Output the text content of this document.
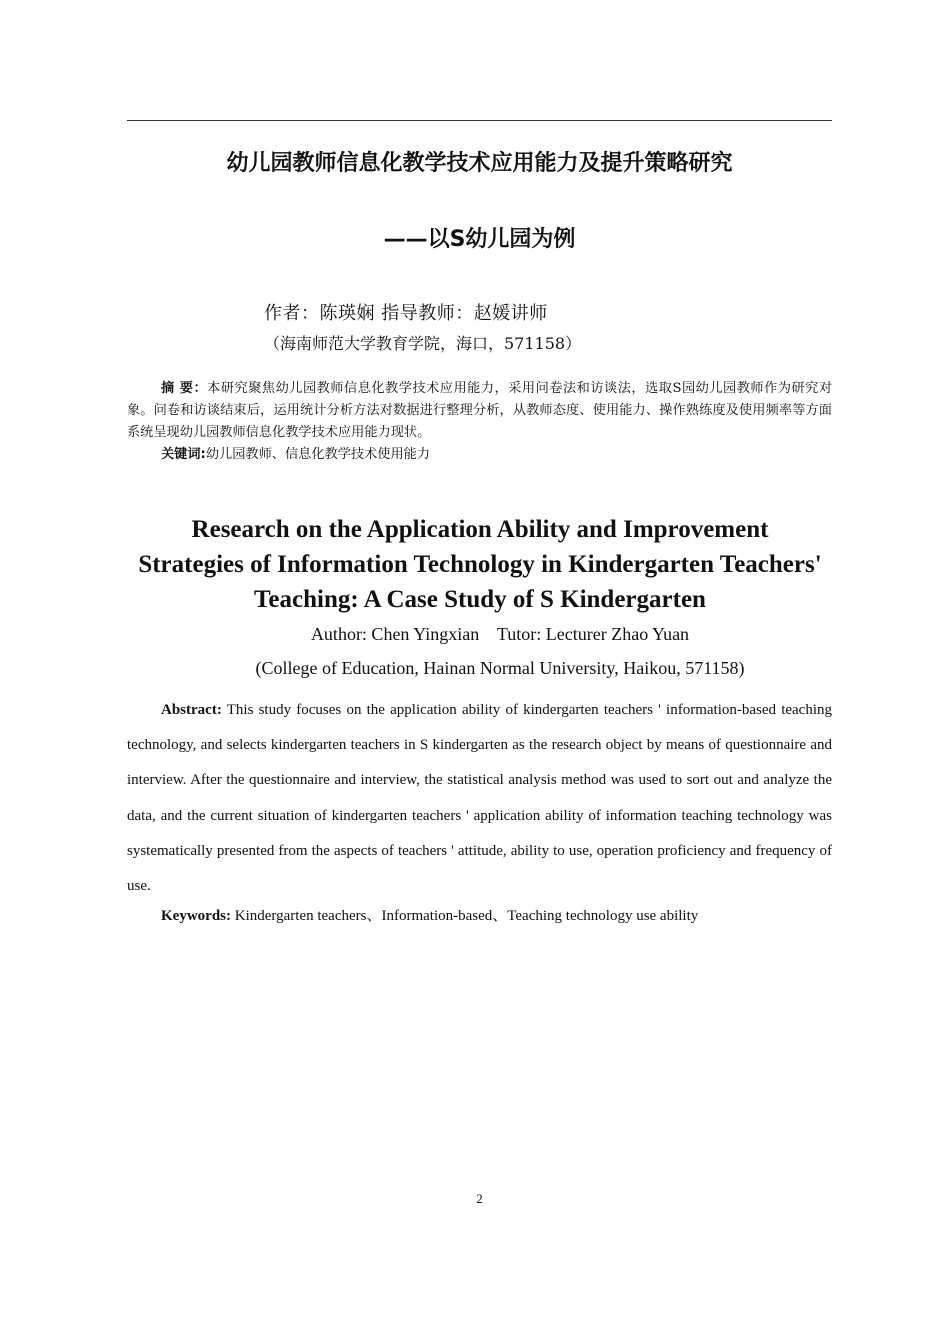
幼儿园教师信息化教学技术应用能力及提升策略研究
——以S幼儿园为例
作者：陈瑛娴 指导教师：赵媛讲师
（海南师范大学教育学院，海口，571158）
摘 要：本研究聚焦幼儿园教师信息化教学技术应用能力，采用问卷法和访谈法，选取S园幼儿园教师作为研究对象。问卷和访谈结束后，运用统计分析方法对数据进行整理分析，从教师态度、使用能力、操作熟练度及使用频率等方面系统呈现幼儿园教师信息化教学技术应用能力现状。
关键词:幼儿园教师、信息化教学技术使用能力
Research on the Application Ability and Improvement
Strategies of Information Technology in Kindergarten Teachers'
Teaching: A Case Study of S Kindergarten
Author: Chen Yingxian    Tutor: Lecturer Zhao Yuan
(College of Education, Hainan Normal University, Haikou, 571158)
Abstract: This study focuses on the application ability of kindergarten teachers ' information-based teaching technology, and selects kindergarten teachers in S kindergarten as the research object by means of questionnaire and interview. After the questionnaire and interview, the statistical analysis method was used to sort out and analyze the data, and the current situation of kindergarten teachers ' application ability of information teaching technology was systematically presented from the aspects of teachers ' attitude, ability to use, operation proficiency and frequency of use.
Keywords: Kindergarten teachers、Information-based、Teaching technology use ability
2
